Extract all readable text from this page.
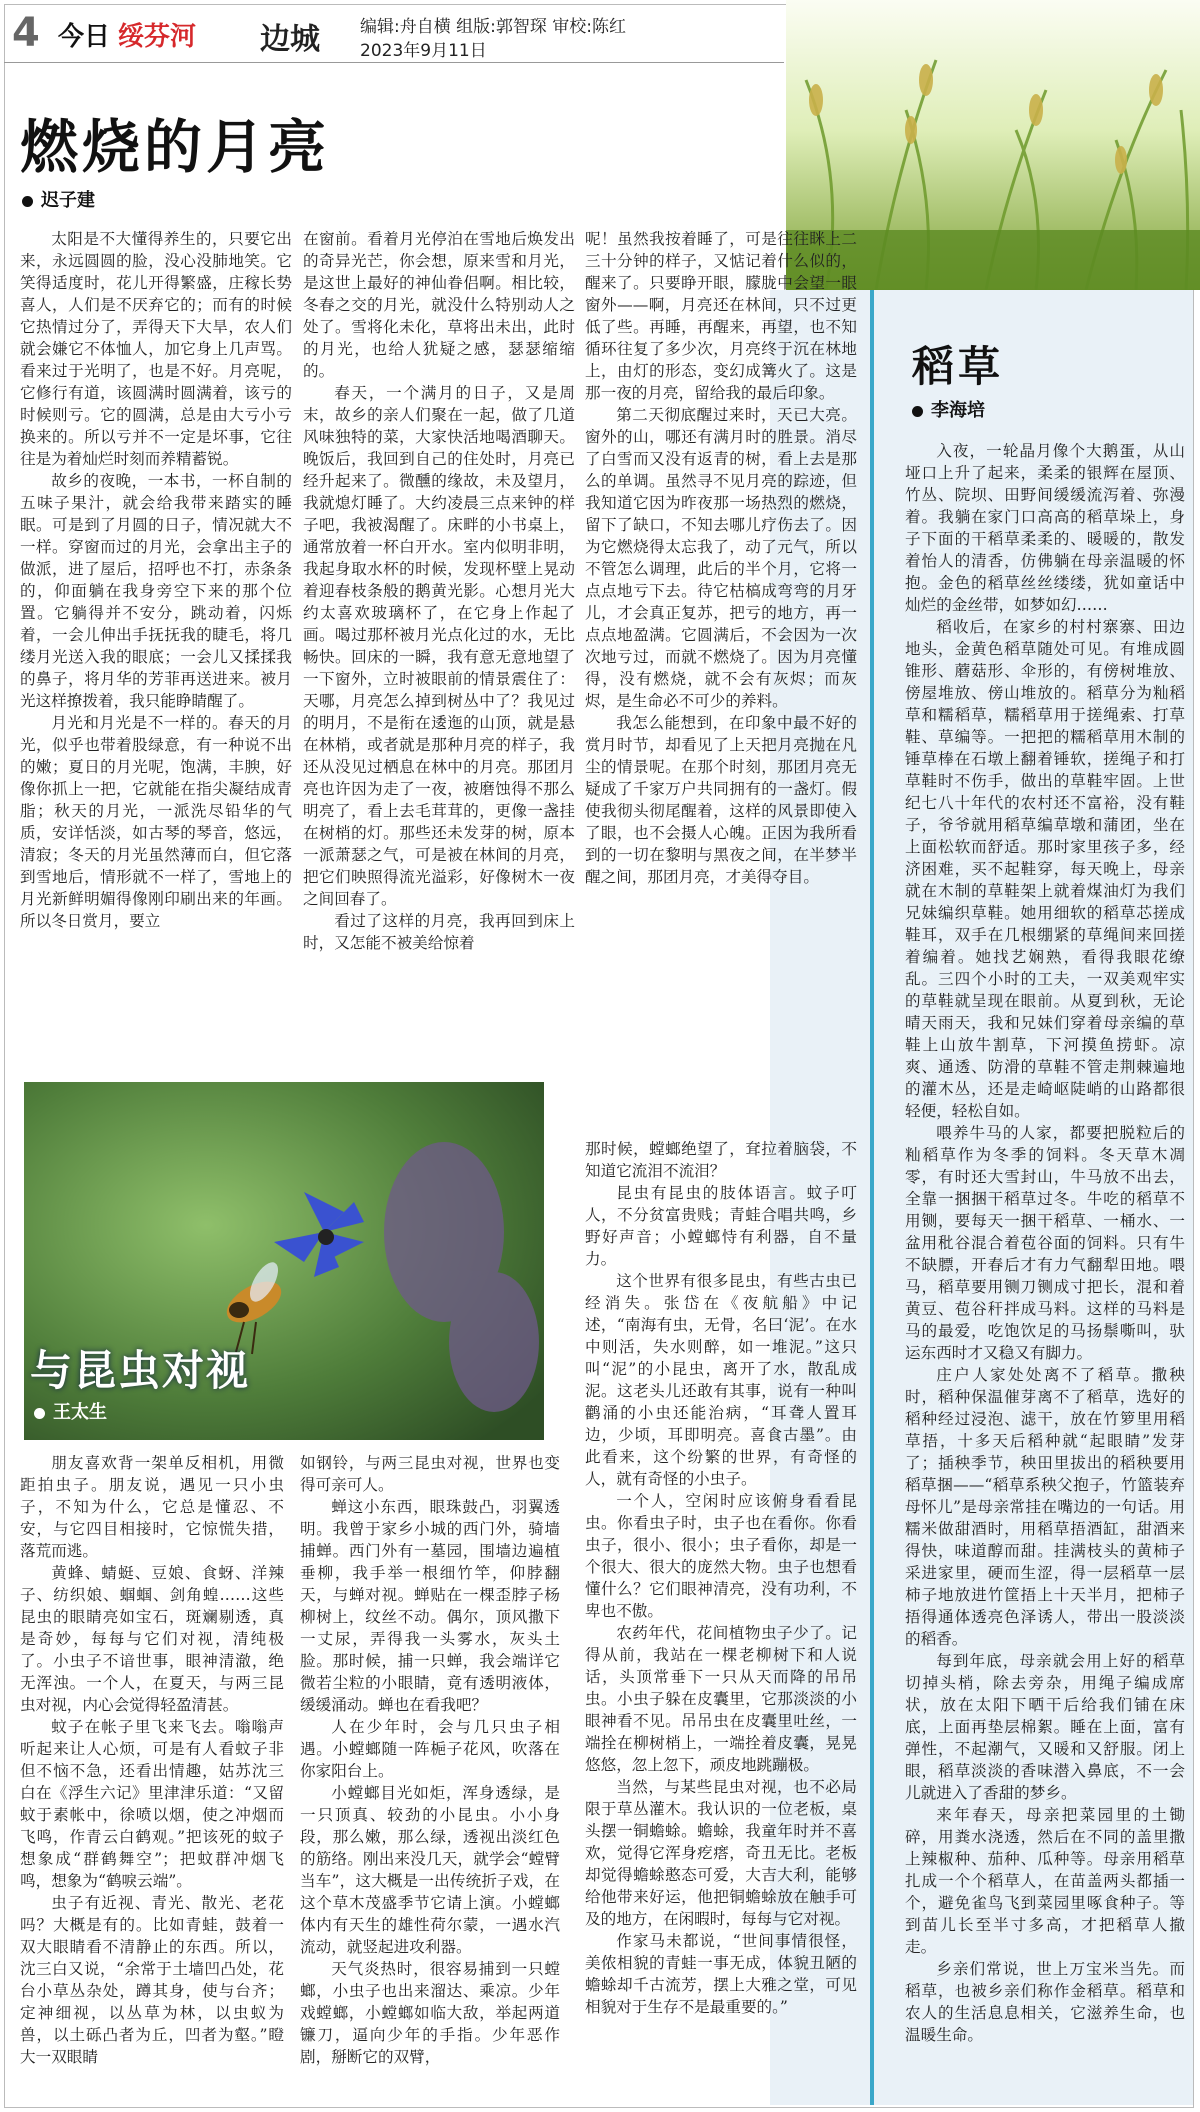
4 今日 绥芬河 边城 编辑:舟自横 组版:郭智琛 审校:陈红
2023年9月11日
燃烧的月亮
迟子建

太阳是不大懂得养生的，只要它出来，永远圆圆的脸，没心没肺地笑。它笑得适度时，花儿开得繁盛，庄稼长势喜人，人们是不厌弃它的；而有的时候它热情过分了，弄得天下大旱，农人们就会嫌它不体恤人，加它身上几声骂。看来过于光明了，也是不好。月亮呢，它修行有道，该圆满时圆满着，该亏的时候则亏。它的圆满，总是由大亏小亏换来的。所以亏并不一定是坏事，它往往是为着灿烂时刻而养精蓄锐。

故乡的夜晚，一本书，一杯自制的五味子果汁，就会给我带来踏实的睡眠。可是到了月圆的日子，情况就大不一样。穿窗而过的月光，会拿出主子的做派，进了屋后，招呼也不打，赤条条的，仰面躺在我身旁空下来的那个位置。它躺得并不安分，跳动着，闪烁着，一会儿伸出手抚抚我的睫毛，将几缕月光送入我的眼底；一会儿又揉揉我的鼻子，将月华的芳菲再送进来。被月光这样撩拨着，我只能睁睛醒了。

月光和月光是不一样的。春天的月光，似乎也带着股绿意，有一种说不出的嫩；夏日的月光呢，饱满，丰腴，好像你抓上一把，它就能在指尖凝结成青脂；秋天的月光，一派洗尽铅华的气质，安详恬淡，如古琴的琴音，悠远，清寂；冬天的月光虽然薄而白，但它落到雪地后，情形就不一样了，雪地上的月光新鲜明媚得像刚印刷出来的年画。所以冬日赏月，要立

在窗前。看着月光停泊在雪地后焕发出的奇异光芒，你会想，原来雪和月光，是这世上最好的神仙眷侣啊。相比较，冬春之交的月光，就没什么特别动人之处了。雪将化未化，草将出未出，此时的月光，也给人犹疑之感，瑟瑟缩缩的。

春天，一个满月的日子，又是周末，故乡的亲人们聚在一起，做了几道风味独特的菜，大家快活地喝酒聊天。晚饭后，我回到自己的住处时，月亮已经升起来了。微醺的缘故，未及望月，我就熄灯睡了。大约凌晨三点来钟的样子吧，我被渴醒了。床畔的小书桌上，通常放着一杯白开水。室内似明非明，我起身取水杯的时候，发现杯壁上晃动着迎春枝条般的鹅黄光影。心想月光大约太喜欢玻璃杯了，在它身上作起了画。喝过那杯被月光点化过的水，无比畅快。回床的一瞬，我有意无意地望了一下窗外，立时被眼前的情景震住了：天哪，月亮怎么掉到树丛中了？我见过的明月，不是衔在逶迤的山顶，就是悬在林梢，或者就是那种月亮的样子，我还从没见过栖息在林中的月亮。那团月亮也许因为走了一夜，被磨蚀得不那么明亮了，看上去毛茸茸的，更像一盏挂在树梢的灯。那些还未发芽的树，原本一派萧瑟之气，可是被在林间的月亮，把它们映照得流光溢彩，好像树木一夜之间回春了。

看过了这样的月亮，我再回到床上时，又怎能不被美给惊着

呢！虽然我按着睡了，可是往往眯上二三十分钟的样子，又惦记着什么似的，醒来了。只要睁开眼，朦胧中会望一眼窗外——啊，月亮还在林间，只不过更低了些。再睡，再醒来，再望，也不知循环往复了多少次，月亮终于沉在林地上，由灯的形态，变幻成篝火了。这是那一夜的月亮，留给我的最后印象。

第二天彻底醒过来时，天已大亮。窗外的山，哪还有满月时的胜景。消尽了白雪而又没有返青的树，看上去是那么的单调。虽然寻不见月亮的踪迹，但我知道它因为昨夜那一场热烈的燃烧，留下了缺口，不知去哪儿疗伤去了。因为它燃烧得太忘我了，动了元气，所以不管怎么调理，此后的半个月，它将一点点地亏下去。待它枯槁成弯弯的月牙儿，才会真正复苏，把亏的地方，再一点点地盈满。它圆满后，不会因为一次次地亏过，而就不燃烧了。因为月亮懂得，没有燃烧，就不会有灰烬；而灰烬，是生命必不可少的养料。

我怎么能想到，在印象中最不好的赏月时节，却看见了上天把月亮抛在凡尘的情景呢。在那个时刻，那团月亮无疑成了千家万户共同拥有的一盏灯。假使我彻头彻尾醒着，这样的风景即使入了眼，也不会摄人心魄。正因为我所看到的一切在黎明与黑夜之间，在半梦半醒之间，那团月亮，才美得夺目。

与昆虫对视
王太生

朋友喜欢背一架单反相机，用微距拍虫子。朋友说，遇见一只小虫子，不知为什么，它总是懂忍、不安，与它四目相接时，它惊慌失措，落荒而逃。

黄蜂、蜻蜓、豆娘、食蚜、洋辣子、纺织娘、蝈蝈、剑角蝗……这些昆虫的眼睛亮如宝石，斑斓剔透，真是奇妙，每每与它们对视，清纯极了。小虫子不谙世事，眼神清澈，绝无浑浊。一个人，在夏天，与两三昆虫对视，内心会觉得轻盈清甚。

蚊子在帐子里飞来飞去。嗡嗡声听起来让人心烦，可是有人看蚊子非但不恼不急，还看出情趣，姑苏沈三白在《浮生六记》里津津乐道：“又留蚊于素帐中，徐喷以烟，使之冲烟而飞鸣，作青云白鹤观。”把该死的蚊子想象成“群鹤舞空”；把蚊群冲烟飞鸣，想象为“鹤唳云端”。

虫子有近视、青光、散光、老花吗？大概是有的。比如青蛙，鼓着一双大眼睛看不清静止的东西。所以，沈三白又说，“余常于土墙凹凸处，花台小草丛杂处，蹲其身，使与台齐；定神细视，以丛草为林，以虫蚁为兽，以土砾凸者为丘，凹者为壑。”瞪大一双眼睛

如钢铃，与两三昆虫对视，世界也变得可亲可人。

蝉这小东西，眼珠鼓凸，羽翼透明。我曾于家乡小城的西门外，骑墙捕蝉。西门外有一墓园，围墙边遍植垂柳，我手举一根细竹竿，仰脖翻天，与蝉对视。蝉贴在一棵歪脖子杨柳树上，纹丝不动。偶尔，顶风撒下一丈尿，弄得我一头雾水，灰头土脸。那时候，捕一只蝉，我会端详它微若尘粒的小眼睛，竟有透明液体，缓缓涌动。蝉也在看我吧？

人在少年时，会与几只虫子相遇。小螳螂随一阵梔子花风，吹落在你家阳台上。

小螳螂目光如炬，浑身透绿，是一只顶真、较劲的小昆虫。小小身段，那么嫩，那么绿，透视出淡红色的筋络。刚出来没几天，就学会“螳臂当车”，这大概是一出传统折子戏，在这个草木茂盛季节它请上演。小螳螂体内有天生的雄性荷尔蒙，一遇水汽流动，就竖起进攻利器。

天气炎热时，很容易捕到一只螳螂，小虫子也出来溜达、乘凉。少年戏螳螂，小螳螂如临大敌，举起两道镰刀，逼向少年的手指。少年恶作剧，掰断它的双臂，

那时候，螳螂绝望了，耷拉着脑袋，不知道它流泪不流泪？

昆虫有昆虫的肢体语言。蚊子叮人，不分贫富贵贱；青蛙合唱共鸣，乡野好声音；小螳螂恃有利器，自不量力。

这个世界有很多昆虫，有些古虫已经消失。张岱在《夜航船》中记述，“南海有虫，无骨，名曰‘泥’。在水中则活，失水则醉，如一堆泥。”这只叫“泥”的小昆虫，离开了水，散乱成泥。这老头儿还敢有其事，说有一种叫鹳涌的小虫还能治病，“耳聋人置耳边，少顷，耳即明亮。喜食古墨”。由此看来，这个纷繁的世界，有奇怪的人，就有奇怪的小虫子。

一个人，空闲时应该俯身看看昆虫。你看虫子时，虫子也在看你。你看虫子，很小、很小；虫子看你，却是一个很大、很大的庞然大物。虫子也想看懂什么？它们眼神清亮，没有功利，不卑也不傲。

农药年代，花间植物虫子少了。记得从前，我站在一棵老柳树下和人说话，头顶常垂下一只从天而降的吊吊虫。小虫子躲在皮囊里，它那淡淡的小眼神看不见。吊吊虫在皮囊里吐丝，一端拴在柳树梢上，一端拴着皮囊，晃晃悠悠，忽上忽下，顽皮地跳蹦极。

当然，与某些昆虫对视，也不必局限于草丛灌木。我认识的一位老板，桌头摆一铜蟾蜍。蟾蜍，我童年时并不喜欢，觉得它浑身疙瘩，奇丑无比。老板却觉得蟾蜍憨态可爱，大吉大利，能够给他带来好运，他把铜蟾蜍放在触手可及的地方，在闲暇时，每每与它对视。

作家马未都说，“世间事情很怪，美侬相貌的青蛙一事无成，体貌丑陋的蟾蜍却千古流芳，摆上大雅之堂，可见相貌对于生存不是最重要的。”

稻草
李海培

入夜，一轮晶月像个大鹅蛋，从山垭口上升了起来，柔柔的银辉在屋顶、竹丛、院坝、田野间缓缓流泻着、弥漫着。我躺在家门口高高的稻草垛上，身子下面的干稻草柔柔的、暖暖的，散发着怡人的清香，仿佛躺在母亲温暖的怀抱。金色的稻草丝丝缕缕，犹如童话中灿烂的金丝带，如梦如幻……

稻收后，在家乡的村村寨寨、田边地头，金黄色稻草随处可见。有堆成圆锥形、蘑菇形、伞形的，有傍树堆放、傍屋堆放、傍山堆放的。稻草分为籼稻草和糯稻草，糯稻草用于搓绳索、打草鞋、草编等。一把把的糯稻草用木制的锤草棒在石墩上翻着锤软，搓绳子和打草鞋时不伤手，做出的草鞋牢固。上世纪七八十年代的农村还不富裕，没有鞋子，爷爷就用稻草编草墩和蒲团，坐在上面松软而舒适。那时家里孩子多，经济困难，买不起鞋穿，每天晚上，母亲就在木制的草鞋架上就着煤油灯为我们兄妹编织草鞋。她用细软的稻草芯搓成鞋耳，双手在几根绷紧的草绳间来回搓着编着。她找艺娴熟，看得我眼花缭乱。三四个小时的工夫，一双美观牢实的草鞋就呈现在眼前。从夏到秋，无论晴天雨天，我和兄妹们穿着母亲编的草鞋上山放牛割草，下河摸鱼捞虾。凉爽、通透、防滑的草鞋不管走荆棘遍地的灌木丛，还是走崎岖陡峭的山路都很轻便，轻松自如。

喂养牛马的人家，都要把脱粒后的籼稻草作为冬季的饲料。冬天草木凋零，有时还大雪封山，牛马放不出去，全靠一捆捆干稻草过冬。牛吃的稻草不用铡，要每天一捆干稻草、一桶水、一盆用秕谷混合着苞谷面的饲料。只有牛不缺膘，开春后才有力气翻犁田地。喂马，稻草要用铡刀铡成寸把长，混和着黄豆、苞谷秆拌成马料。这样的马料是马的最爱，吃饱饮足的马扬鬃嘶叫，驮运东西时才又稳又有脚力。

庄户人家处处离不了稻草。撒秧时，稻种保温催芽离不了稻草，选好的稻种经过浸泡、滤干，放在竹箩里用稻草捂，十多天后稻种就“起眼睛”发芽了；插秧季节，秧田里拔出的稻秧要用稻草捆——“稻草系秧父抱子，竹篮装弃母怀儿”是母亲常挂在嘴边的一句话。用糯米做甜酒时，用稻草捂酒缸，甜酒来得快，味道醇而甜。挂满枝头的黄柿子采进家里，硬而生涩，得一层稻草一层柿子地放进竹筐捂上十天半月，把柿子捂得通体透亮色泽诱人，带出一股淡淡的稻香。

每到年底，母亲就会用上好的稻草切掉头梢，除去旁杂，用绳子编成席状，放在太阳下晒干后给我们铺在床底，上面再垫层棉絮。睡在上面，富有弹性，不起潮气，又暖和又舒服。闭上眼，稻草淡淡的香味潜入鼻底，不一会儿就进入了香甜的梦乡。

来年春天，母亲把菜园里的土锄碎，用粪水浇透，然后在不同的盖里撒上辣椒种、茄种、瓜种等。母亲用稻草扎成一个个稻草人，在苗盖两头都插一个，避免雀鸟飞到菜园里啄食种子。等到苗儿长至半寸多高，才把稻草人撤走。

乡亲们常说，世上万宝米当先。而稻草，也被乡亲们称作金稻草。稻草和农人的生活息息相关，它滋养生命，也温暖生命。
